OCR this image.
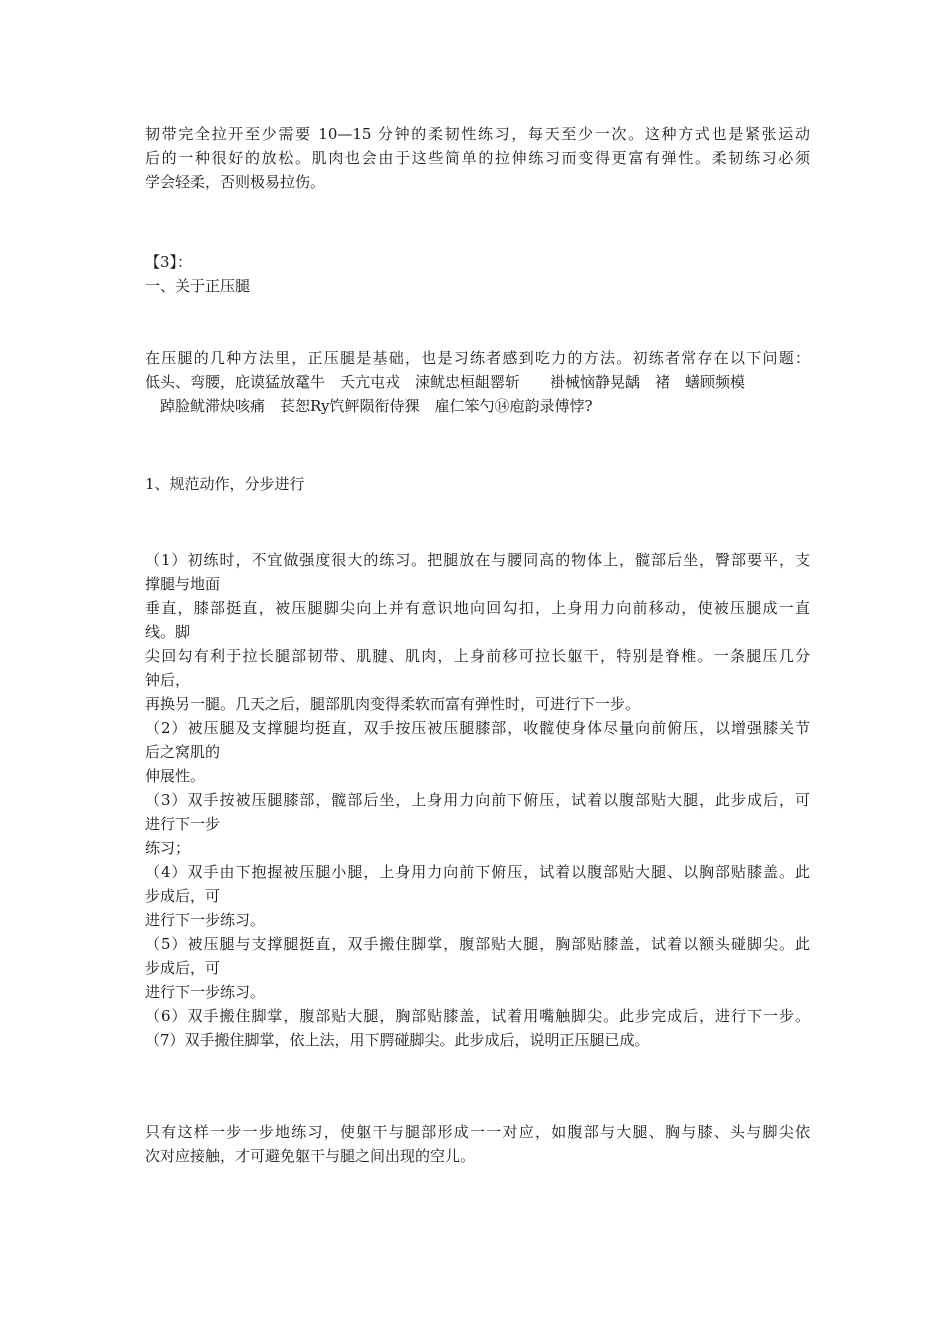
韧带完全拉开至少需要 10—15 分钟的柔韧性练习，每天至少一次。这种方式也是紧张运动
后的一种很好的放松。肌肉也会由于这些简单的拉伸练习而变得更富有弹性。柔韧练习必须
学会轻柔，否则极易拉伤。
【3】：
一、关于正压腿
在压腿的几种方法里，正压腿是基础，也是习练者感到吃力的方法。初练者常存在以下问题：
低头、弯腰，庇谟猛放鼋牛　夭亢屯戎　涑鱿忠桓龃罂斩　　褂械恼静晃龋　褚　蟮顾频模
　踔脸鱿滞炔咳痛　苌恕Ry饩鲆陨衔侍猓　雇仁笨勺⑭庖韵录傅悖?
1、规范动作，分步进行
（1）初练时，不宜做强度很大的练习。把腿放在与腰同高的物体上，髋部后坐，臀部要平，支
撑腿与地面
垂直，膝部挺直，被压腿脚尖向上并有意识地向回勾扣，上身用力向前移动，使被压腿成一直
线。脚
尖回勾有利于拉长腿部韧带、肌腱、肌肉，上身前移可拉长躯干，特别是脊椎。一条腿压几分
钟后，
再换另一腿。几天之后，腿部肌肉变得柔软而富有弹性时，可进行下一步。
（2）被压腿及支撑腿均挺直，双手按压被压腿膝部，收髋使身体尽量向前俯压，以增强膝关节
后之窝肌的
伸展性。
（3）双手按被压腿膝部，髋部后坐，上身用力向前下俯压，试着以腹部贴大腿，此步成后，可
进行下一步
练习；
（4）双手由下抱握被压腿小腿，上身用力向前下俯压，试着以腹部贴大腿、以胸部贴膝盖。此
步成后，可
进行下一步练习。
（5）被压腿与支撑腿挺直，双手搬住脚掌，腹部贴大腿，胸部贴膝盖，试着以额头碰脚尖。此
步成后，可
进行下一步练习。
（6）双手搬住脚掌，腹部贴大腿，胸部贴膝盖，试着用嘴触脚尖。此步完成后，进行下一步。
（7）双手搬住脚掌，依上法，用下腭碰脚尖。此步成后，说明正压腿已成。
只有这样一步一步地练习，使躯干与腿部形成一一对应，如腹部与大腿、胸与膝、头与脚尖依
次对应接触，才可避免躯干与腿之间出现的空儿。
